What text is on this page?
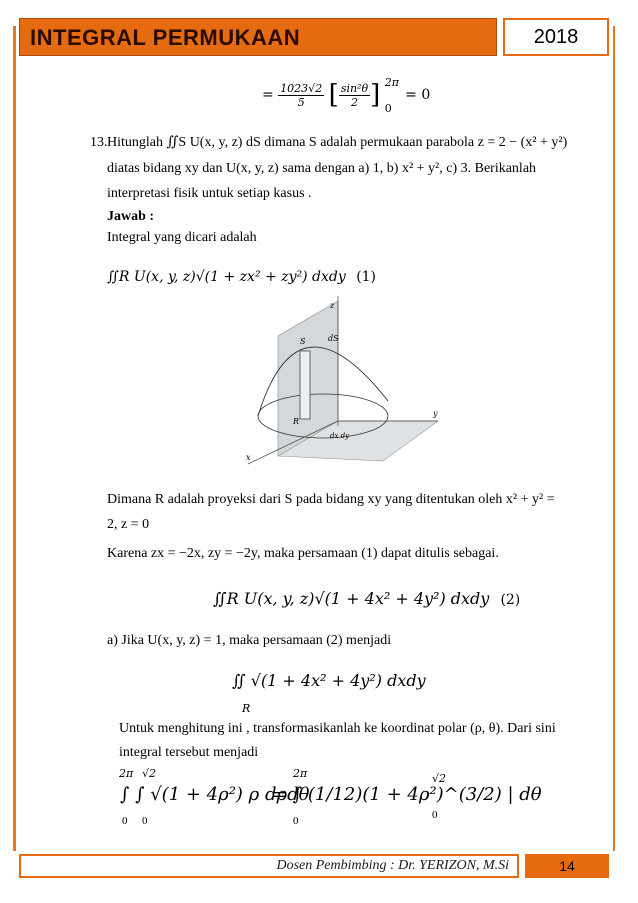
INTEGRAL PERMUKAAN	2018
= $\frac{1023√2}{5}$ [ $\frac{\text{sin²θ}}{2}$ ] 2π
0
= 0
13. Hitunglah ∬S U(x, y, z) dS dimana S adalah permukaan parabola z = 2 − (x² + y²)
diatas bidang xy dan U(x, y, z) sama dengan a) 1, b) x² + y², c) 3. Berikanlah
interpretasi fisik untuk setiap kasus .
Jawab :
Integral yang dicari adalah
∬R U(x, y, z)√(1 + zx² + zy²) dxdy (1)
z
S	dS
y
x
R
dx dy
Dimana R adalah proyeksi dari S pada bidang xy yang ditentukan oleh x² + y² =
2, z = 0
Karena zx = −2x, zy = −2y, maka persamaan (1) dapat ditulis sebagai.
∬R U(x, y, z)√(1 + 4x² + 4y²) dxdy (2)
a) Jika U(x, y, z) = 1, maka persamaan (2) menjadi
∬ √(1 + 4x² + 4y²) dxdy
R
Untuk menghitung ini , transformasikanlah ke koordinat polar (ρ, θ). Dari sini
integral tersebut menjadi
2π √2
∫ ∫ √(1 + 4ρ²) ρ dρdθ
0 0
2π
= ∫ (1/12)(1 + 4ρ²)^(3/2) | dθ
0
√2
0
Dosen Pembimbing : Dr. YERIZON, M.Si	14
